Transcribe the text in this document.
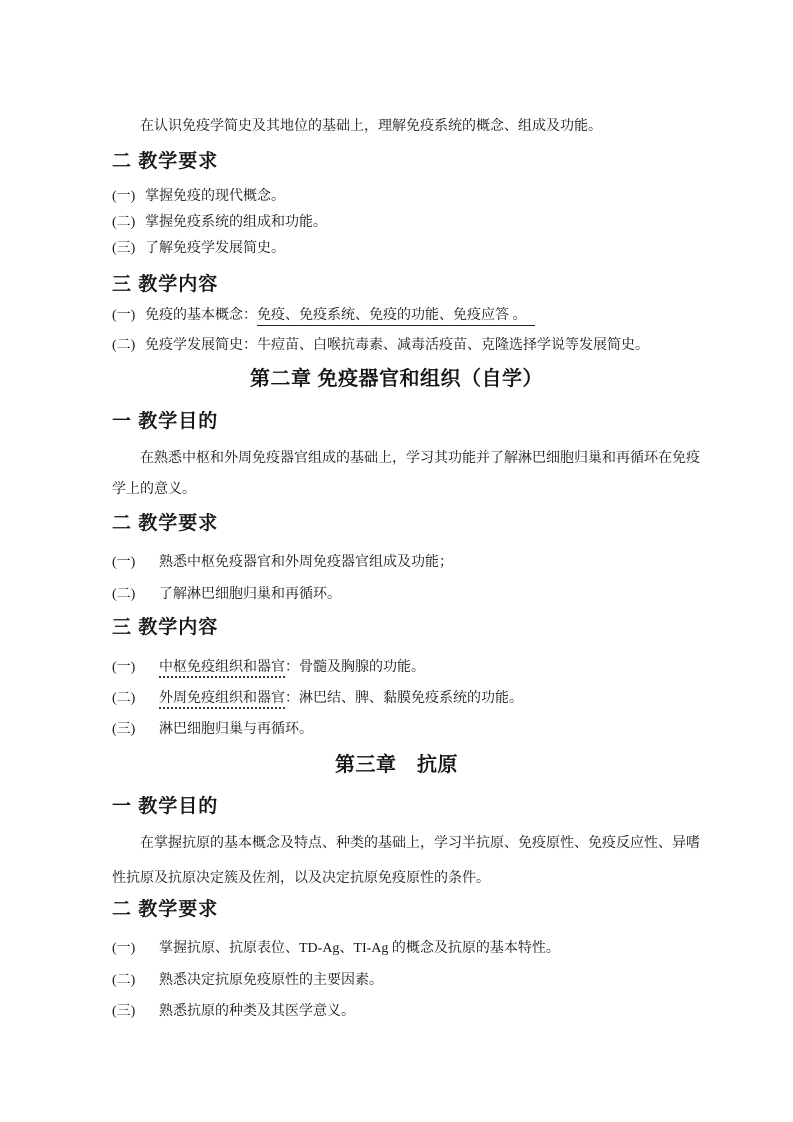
在认识免疫学简史及其地位的基础上，理解免疫系统的概念、组成及功能。
二 教学要求
(一) 掌握免疫的现代概念。
(二) 掌握免疫系统的组成和功能。
(三) 了解免疫学发展简史。
三 教学内容
(一) 免疫的基本概念：免疫、免疫系统、免疫的功能、免疫应答 。
(二) 免疫学发展简史：牛痘苗、白喉抗毒素、减毒活疫苗、克隆选择学说等发展简史。
第二章 免疫器官和组织（自学）
一 教学目的
在熟悉中枢和外周免疫器官组成的基础上，学习其功能并了解淋巴细胞归巢和再循环在免疫学上的意义。
二 教学要求
(一) 熟悉中枢免疫器官和外周免疫器官组成及功能；
(二) 了解淋巴细胞归巢和再循环。
三 教学内容
(一) 中枢免疫组织和器官：骨髓及胸腺的功能。
(二) 外周免疫组织和器官：淋巴结、脾、黏膜免疫系统的功能。
(三) 淋巴细胞归巢与再循环。
第三章　抗原
一 教学目的
在掌握抗原的基本概念及特点、种类的基础上，学习半抗原、免疫原性、免疫反应性、异嗜性抗原及抗原决定簇及佐剂，以及决定抗原免疫原性的条件。
二 教学要求
(一) 掌握抗原、抗原表位、TD-Ag、TI-Ag 的概念及抗原的基本特性。
(二) 熟悉决定抗原免疫原性的主要因素。
(三) 熟悉抗原的种类及其医学意义。
